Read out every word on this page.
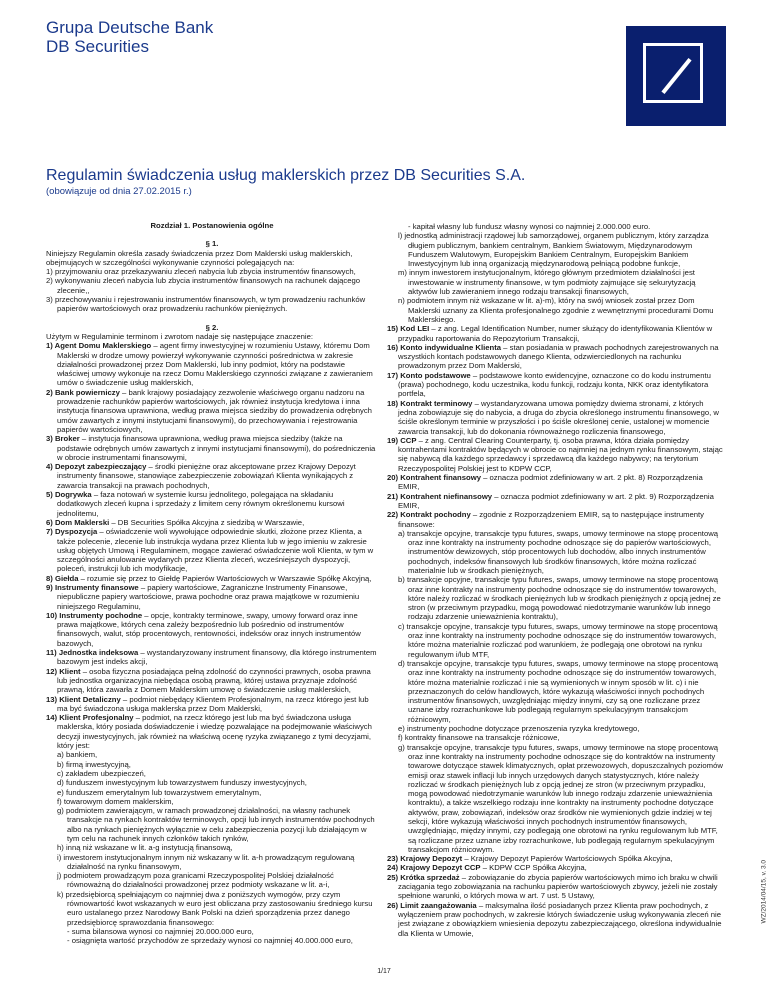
Grupa Deutsche Bank
DB Securities
Regulamin świadczenia usług maklerskich przez DB Securities S.A.
(obowiązuje od dnia 27.02.2015 r.)

Rozdział 1. Postanowienia ogólne

§ 1.

Niniejszy Regulamin określa zasady świadczenia przez Dom Maklerski usług maklerskich, obejmujących w szczególności wykonywanie czynności polegających na:

1) przyjmowaniu oraz przekazywaniu zleceń nabycia lub zbycia instrumentów finansowych,

2) wykonywaniu zleceń nabycia lub zbycia instrumentów finansowych na rachunek dającego zlecenie,,

3) przechowywaniu i rejestrowaniu instrumentów finansowych, w tym prowadzeniu rachunków papierów wartościowych oraz prowadzeniu rachunków pieniężnych.

§ 2.

Użytym w Regulaminie terminom i zwrotom nadaje się następujące znaczenie:

1) Agent Domu Maklerskiego – agent firmy inwestycyjnej w rozumieniu Ustawy, któremu Dom Maklerski w drodze umowy powierzył wykonywanie czynności pośrednictwa w zakresie działalności prowadzonej przez Dom Maklerski, lub inny podmiot, który na podstawie właściwej umowy wykonuje na rzecz Domu Maklerskiego czynności związane z zawieraniem umów o świadczenie usług maklerskich,

2) Bank powierniczy – bank krajowy posiadający zezwolenie właściwego organu nadzoru na prowadzenie rachunków papierów wartościowych, jak również instytucja kredytowa i inna instytucja finansowa uprawniona, według prawa miejsca siedziby do prowadzenia odrębnych umów zawartych z innymi instytucjami finansowymi), do przechowywania i rejestrowania papierów wartościowych,

3) Broker – instytucja finansowa uprawniona, według prawa miejsca siedziby (także na podstawie odrębnych umów zawartych z innymi instytucjami finansowymi), do pośredniczenia w obrocie instrumentami finansowymi,

4) Depozyt zabezpieczający – środki pieniężne oraz akceptowane przez Krajowy Depozyt instrumenty finansowe, stanowiące zabezpieczenie zobowiązań Klienta wynikających z zawarcia transakcji na prawach pochodnych,

5) Dogrywka – faza notowań w systemie kursu jednolitego, polegająca na składaniu dodatkowych zleceń kupna i sprzedaży z limitem ceny równym określonemu kursowi jednolitemu,

6) Dom Maklerski – DB Securities Spółka Akcyjna z siedzibą w Warszawie,

7) Dyspozycja – oświadczenie woli wywołujące odpowiednie skutki, złożone przez Klienta, a także polecenie, zlecenie lub instrukcja wydana przez Klienta lub w jego imieniu w zakresie usług objętych Umową i Regulaminem, mogące zawierać oświadczenie woli Klienta, w tym w szczególności anulowanie wydanych przez Klienta zleceń, wcześniejszych dyspozycji, poleceń, instrukcji lub ich modyfikacje,

8) Giełda – rozumie się przez to Giełdę Papierów Wartościowych w Warszawie Spółkę Akcyjną,

9) Instrumenty finansowe – papiery wartościowe, Zagraniczne Instrumenty Finansowe, niepubliczne papiery wartościowe, prawa pochodne oraz prawa majątkowe w rozumieniu niniejszego Regulaminu,

10) Instrumenty pochodne – opcje, kontrakty terminowe, swapy, umowy forward oraz inne prawa majątkowe, których cena zależy bezpośrednio lub pośrednio od instrumentów finansowych, walut, stóp procentowych, rentowności, indeksów oraz innych instrumentów bazowych,

11) Jednostka indeksowa – wystandaryzowany instrument finansowy, dla którego instrumentem bazowym jest indeks akcji,

12) Klient – osoba fizyczna posiadająca pełną zdolność do czynności prawnych, osoba prawna lub jednostka organizacyjna niebędąca osobą prawną, której ustawa przyznaje zdolność prawną, która zawarła z Domem Maklerskim umowę o świadczenie usług maklerskich,

13) Klient Detaliczny – podmiot niebędący Klientem Profesjonalnym, na rzecz którego jest lub ma być świadczona usługa maklerska przez Dom Maklerski,

14) Klient Profesjonalny – podmiot, na rzecz którego jest lub ma być świadczona usługa maklerska, który posiada doświadczenie i wiedzę pozwalające na podejmowanie właściwych decyzji inwestycyjnych, jak również na właściwą ocenę ryzyka związanego z tymi decyzjami, który jest:

a) bankiem,

b) firmą inwestycyjną,

c) zakładem ubezpieczeń,

d) funduszem inwestycyjnym lub towarzystwem funduszy inwestycyjnych,

e) funduszem emerytalnym lub towarzystwem emerytalnym,

f) towarowym domem maklerskim,

g) podmiotem zawierającym, w ramach prowadzonej działalności, na własny rachunek transakcje na rynkach kontraktów terminowych, opcji lub innych instrumentów pochodnych albo na rynkach pieniężnych wyłącznie w celu zabezpieczenia pozycji lub działającym w tym celu na rachunek innych członków takich rynków,

h) inną niż wskazane w lit. a-g instytucją finansową,

i) inwestorem instytucjonalnym innym niż wskazany w lit. a-h prowadzącym regulowaną działalność na rynku finansowym,

j) podmiotem prowadzącym poza granicami Rzeczypospolitej Polskiej działalność równoważną do działalności prowadzonej przez podmioty wskazane w lit. a-i,

k) przedsiębiorcą spełniającym co najmniej dwa z poniższych wymogów, przy czym równowartość kwot wskazanych w euro jest obliczana przy zastosowaniu średniego kursu euro ustalanego przez Narodowy Bank Polski na dzień sporządzenia przez danego przedsiębiorcę sprawozdania finansowego:

- suma bilansowa wynosi co najmniej 20.000.000 euro,

- osiągnięta wartość przychodów ze sprzedaży wynosi co najmniej 40.000.000 euro,

- kapitał własny lub fundusz własny wynosi co najmniej 2.000.000 euro.

l) jednostką administracji rządowej lub samorządowej, organem publicznym, który zarządza długiem publicznym, bankiem centralnym, Bankiem Światowym, Międzynarodowym Funduszem Walutowym, Europejskim Bankiem Centralnym, Europejskim Bankiem Inwestycyjnym lub inną organizacją międzynarodową pełniącą podobne funkcje,

m) innym inwestorem instytucjonalnym, którego głównym przedmiotem działalności jest inwestowanie w instrumenty finansowe, w tym podmioty zajmujące się sekurytyzacją aktywów lub zawieraniem innego rodzaju transakcji finansowych,

n) podmiotem innym niż wskazane w lit. a)-m), który na swój wniosek został przez Dom Maklerski uznany za Klienta profesjonalnego zgodnie z wewnętrznymi procedurami Domu Maklerskiego.

15) Kod LEI – z ang. Legal Identification Number, numer służący do identyfikowania Klientów w przypadku raportowania do Repozytorium Transakcji,

16) Konto indywidualne Klienta – stan posiadania w prawach pochodnych zarejestrowanych na wszystkich kontach podstawowych danego Klienta, odzwierciedlonych na rachunku prowadzonym przez Dom Maklerski,

17) Konto podstawowe – podstawowe konto ewidencyjne, oznaczone co do kodu instrumentu (prawa) pochodnego, kodu uczestnika, kodu funkcji, rodzaju konta, NKK oraz identyfikatora portfela,

18) Kontrakt terminowy – wystandaryzowana umowa pomiędzy dwiema stronami, z których jedna zobowiązuje się do nabycia, a druga do zbycia określonego instrumentu finansowego, w ściśle określonym terminie w przyszłości i po ściśle określonej cenie, ustalonej w momencie zawarcia transakcji, lub do dokonania równoważnego rozliczenia finansowego,

19) CCP – z ang. Central Clearing Counterparty, tj. osoba prawna, która działa pomiędzy kontrahentami kontraktów będących w obrocie co najmniej na jednym rynku finansowym, stając się nabywcą dla każdego sprzedawcy i sprzedawcą dla każdego nabywcy; na terytorium Rzeczypospolitej Polskiej jest to KDPW CCP,

20) Kontrahent finansowy – oznacza podmiot zdefiniowany w art. 2 pkt. 8) Rozporządzenia EMIR,

21) Kontrahent niefinansowy – oznacza podmiot zdefiniowany w art. 2 pkt. 9) Rozporządzenia EMIR,

22) Kontrakt pochodny – zgodnie z Rozporządzeniem EMIR, są to następujące instrumenty finansowe:

a) transakcje opcyjne, transakcje typu futures, swaps, umowy terminowe na stopę procentową oraz inne kontrakty na instrumenty pochodne odnoszące się do papierów wartościowych, instrumentów dewizowych, stóp procentowych lub dochodów, albo innych instrumentów pochodnych, indeksów finansowych lub środków finansowych, które można rozliczać materialnie lub w środkach pieniężnych,

b) transakcje opcyjne, transakcje typu futures, swaps, umowy terminowe na stopę procentową oraz inne kontrakty na instrumenty pochodne odnoszące się do instrumentów towarowych, które należy rozliczać w środkach pieniężnych lub w środkach pieniężnych z opcją jednej ze stron (w przeciwnym przypadku, mogą powodować niedotrzymanie warunków lub innego rodzaju zdarzenie unieważnienia kontraktu),

c) transakcje opcyjne, transakcje typu futures, swaps, umowy terminowe na stopę procentową oraz inne kontrakty na instrumenty pochodne odnoszące się do instrumentów towarowych, które można materialnie rozliczać pod warunkiem, że podlegają one obrotowi na rynku regulowanym i/lub MTF,

d) transakcje opcyjne, transakcje typu futures, swaps, umowy terminowe na stopę procentową oraz inne kontrakty na instrumenty pochodne odnoszące się do instrumentów towarowych, które można materialnie rozliczać i nie są wymienionych w innym sposób w lit. c) i nie przeznaczonych do celów handlowych, które wykazują właściwości innych pochodnych instrumentów finansowych, uwzględniając między innymi, czy są one rozliczane przez uznane izby rozrachunkowe lub podlegają regularnym spekulacyjnym transakcjom różnicowym,

e) instrumenty pochodne dotyczące przenoszenia ryzyka kredytowego,

f) kontrakty finansowe na transakcje różnicowe,

g) transakcje opcyjne, transakcje typu futures, swaps, umowy terminowe na stopę procentową oraz inne kontrakty na instrumenty pochodne odnoszące się do kontraktów na instrumenty towarowe dotyczące stawek klimatycznych, opłat przewozowych, dopuszczalnych poziomów emisji oraz stawek inflacji lub innych urzędowych danych statystycznych, które należy rozliczać w środkach pieniężnych lub z opcją jednej ze stron (w przeciwnym przypadku, mogą powodować niedotrzymanie warunków lub innego rodzaju zdarzenie unieważnienia kontraktu), a także wszelkiego rodzaju inne kontrakty na instrumenty pochodne dotyczące aktywów, praw, zobowiązań, indeksów oraz środków nie wymienionych gdzie indziej w tej sekcji, które wykazują właściwości innych pochodnych instrumentów finansowych, uwzględniając, między innymi, czy podlegają one obrotowi na rynku regulowanym lub MTF, są rozliczane przez uznane izby rozrachunkowe, lub podlegają regularnym spekulacyjnym transakcjom różnicowym.

23) Krajowy Depozyt – Krajowy Depozyt Papierów Wartościowych Spółka Akcyjna,

24) Krajowy Depozyt CCP – KDPW CCP Spółka Akcyjna,

25) Krótka sprzedaż – zobowiązanie do zbycia papierów wartościowych mimo ich braku w chwili zaciągania tego zobowiązania na rachunku papierów wartościowych zbywcy, jeżeli nie zostały spełnione warunki, o których mowa w art. 7 ust. 5 Ustawy,

26) Limit zaangażowania – maksymalna ilość posiadanych przez Klienta praw pochodnych, z wyłączeniem praw pochodnych, w zakresie których świadczenie usług wykonywania zleceń nie jest związane z obowiązkiem wniesienia depozytu zabezpieczającego, określona indywidualnie dla Klienta w Umowie,

1/17
WZ/2014/04/15, v. 3.0
